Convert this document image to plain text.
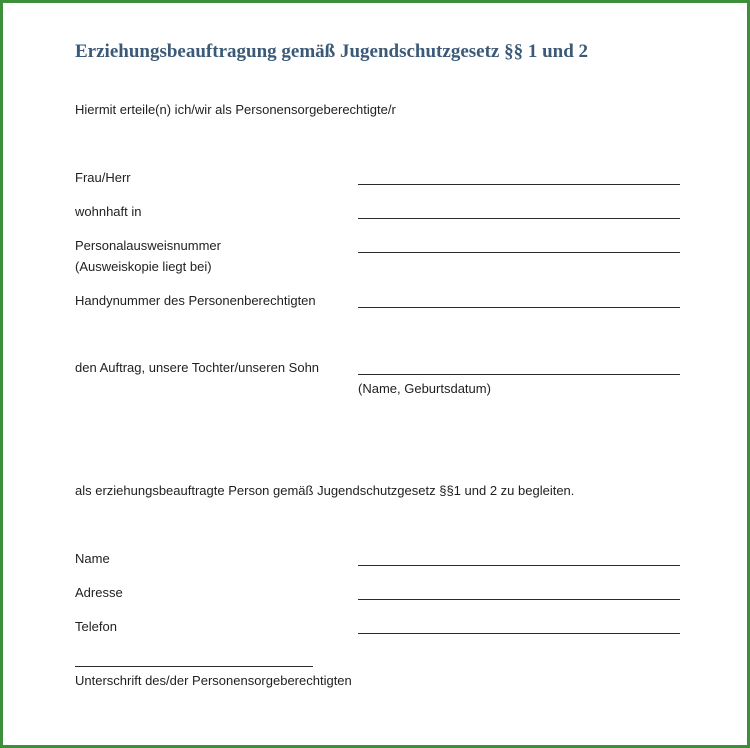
Erziehungsbeauftragung gemäß Jugendschutzgesetz §§ 1 und 2
Hiermit erteile(n) ich/wir als Personensorgeberechtigte/r
Frau/Herr
wohnhaft in
Personalausweisnummer
(Ausweiskopie liegt bei)
Handynummer des Personenberechtigten
den Auftrag, unsere Tochter/unseren Sohn
(Name, Geburtsdatum)
als erziehungsbeauftragte Person gemäß Jugendschutzgesetz §§1 und 2 zu begleiten.
Name
Adresse
Telefon
Unterschrift des/der Personensorgeberechtigten
